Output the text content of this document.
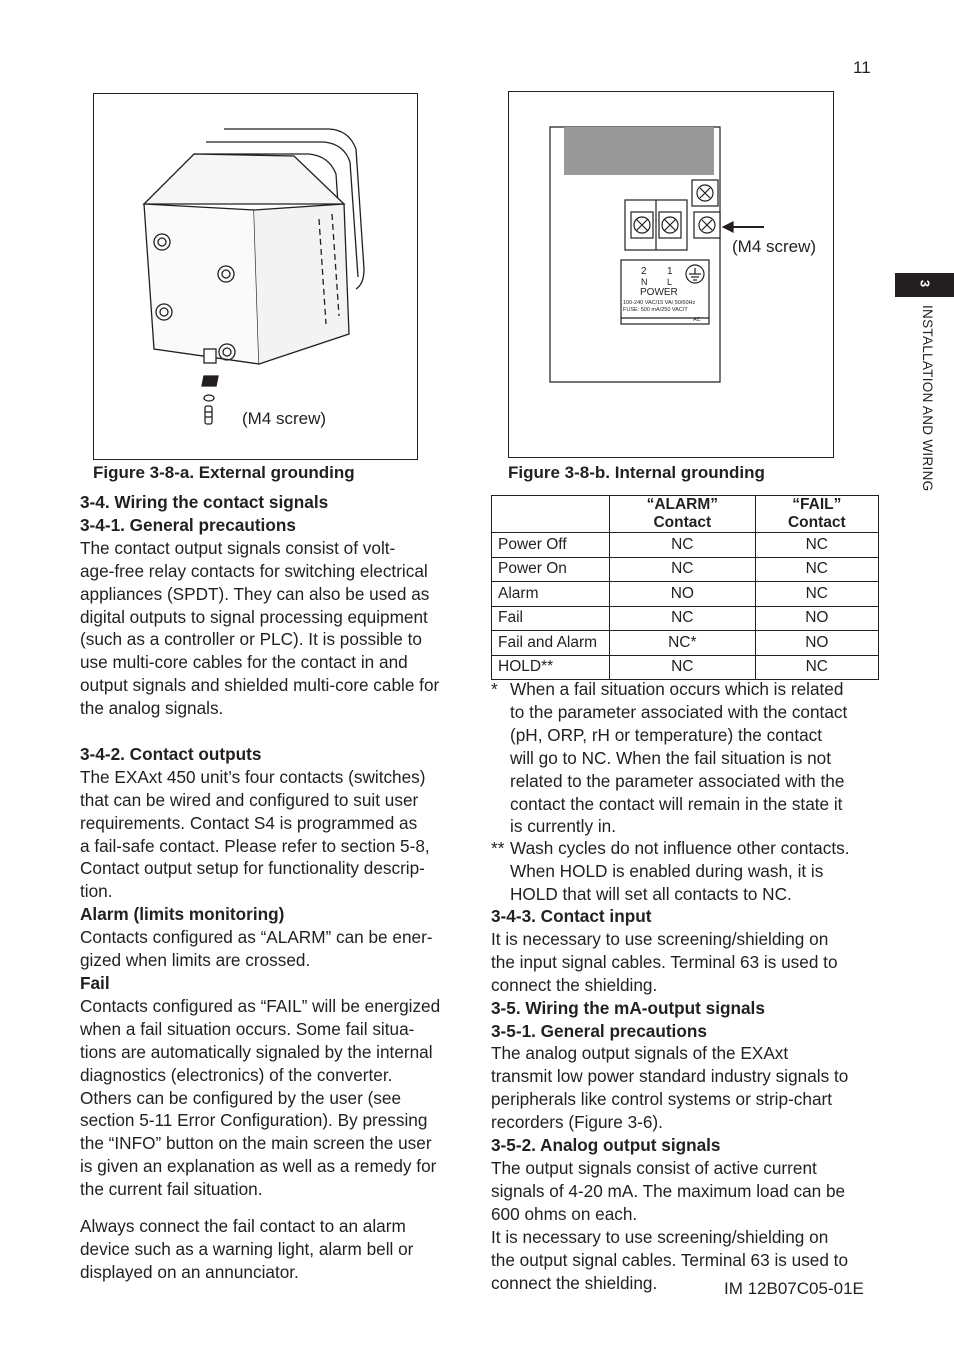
11
(M4 screw)
Figure 3-8-a. External grounding
2
N
1
L
POWER
100-240 VAC/15 VA/ 50/60Hz
FUSE: 500 mA/250 VAC/T
AC
(M4 screw)
Figure 3-8-b. Internal grounding
3
INSTALLATION AND WIRING

3-4. Wiring the contact signals

3-4-1. General precautions

The contact output signals consist of volt-
age-free relay contacts for switching electrical
appliances (SPDT). They can also be used as
digital outputs to signal processing equipment
(such as a controller or PLC). It is possible to
use multi-core cables for the contact in and
output signals and shielded multi-core cable for
the analog signals.

3-4-2. Contact outputs

The EXAxt 450 unit’s four contacts (switches)
that can be wired and configured to suit user
requirements. Contact S4 is programmed as
a fail-safe contact. Please refer to section 5-8,
Contact output setup for functionality descrip-
tion.

Alarm (limits monitoring)

Contacts configured as “ALARM” can be ener-
gized when limits are crossed.

Fail

Contacts configured as “FAIL” will be energized
when a fail situation occurs. Some fail situa-
tions are automatically signaled by the internal
diagnostics (electronics) of the converter.
Others can be configured by the user (see
section 5-11 Error Configuration). By pressing
the “INFO” button on the main screen the user
is given an explanation as well as a remedy for
the current fail situation.
Always connect the fail contact to an alarm
device such as a warning light, alarm bell or
displayed on an annunciator.
	“ALARM” Contact	“FAIL” Contact
Power Off	NC	NC
Power On	NC	NC
Alarm	NO	NC
Fail	NC	NO
Fail and Alarm	NC*	NO
HOLD**	NC	NC
* When a fail situation occurs which is related
to the parameter associated with the contact
(pH, ORP, rH or temperature) the contact
will go to NC. When the fail situation is not
related to the parameter associated with the
contact the contact will remain in the state it
is currently in.
** Wash cycles do not influence other contacts.
When HOLD is enabled during wash, it is
HOLD that will set all contacts to NC.

3-4-3. Contact input

It is necessary to use screening/shielding on
the input signal cables. Terminal 63 is used to
connect the shielding.

3-5. Wiring the mA-output signals

3-5-1. General precautions

The analog output signals of the EXAxt
transmit low power standard industry signals to
peripherals like control systems or strip-chart
recorders (Figure 3-6).

3-5-2. Analog output signals

The output signals consist of active current
signals of 4-20 mA. The maximum load can be
600 ohms on each.
It is necessary to use screening/shielding on
the output signal cables. Terminal 63 is used to
connect the shielding.	IM 12B07C05-01E
